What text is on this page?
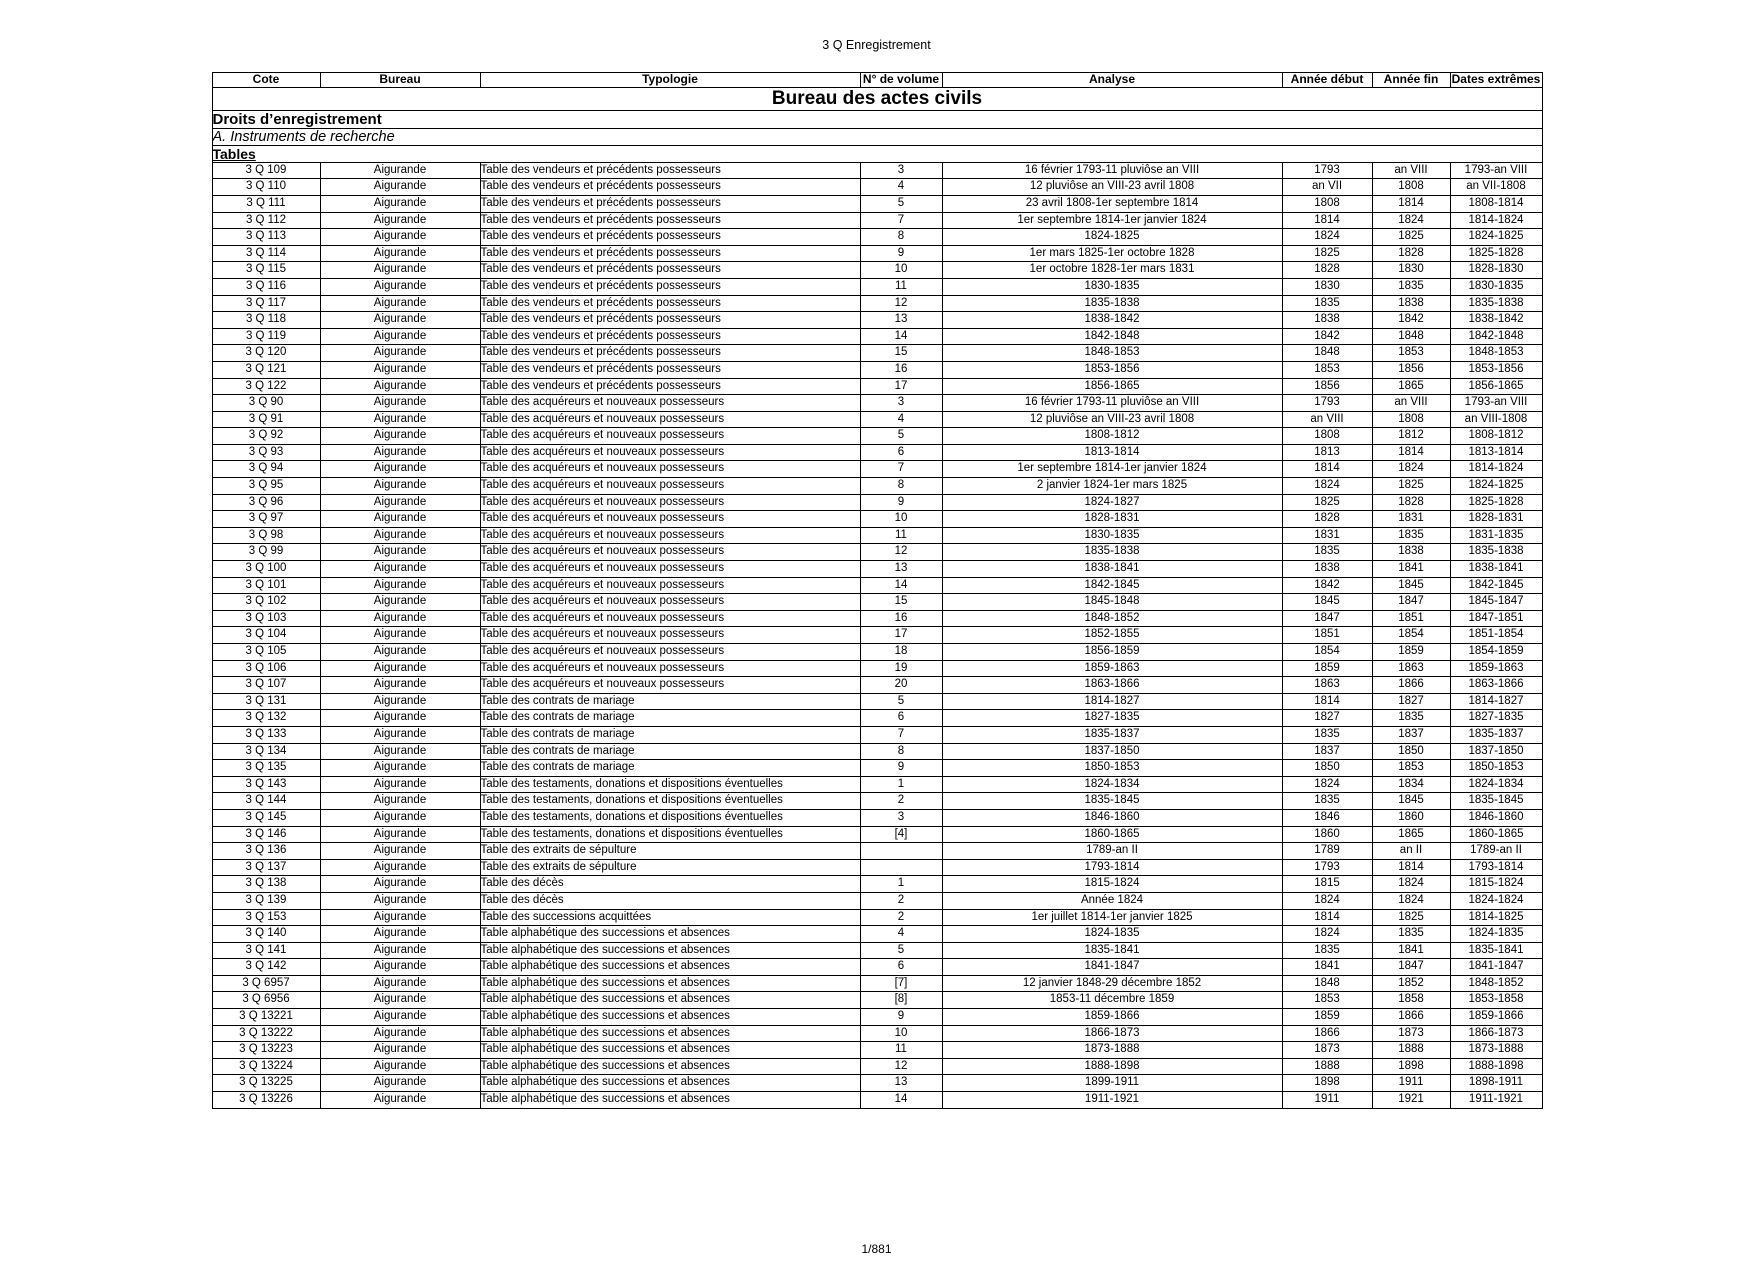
3 Q Enregistrement
Cote	Bureau	Typologie	N° de volume	Analyse	Année début	Année fin	Dates extrêmes
Bureau des actes civils							
Droits d’enregistrement							
A. Instruments de recherche							
Tables							
3 Q 109	Aigurande	Table des vendeurs et précédents possesseurs	3	16 février 1793-11 pluviôse an VIII	1793	an VIII	1793-an VIII
3 Q 110	Aigurande	Table des vendeurs et précédents possesseurs	4	12 pluviôse an VIII-23 avril 1808	an VII	1808	an VII-1808
3 Q 111	Aigurande	Table des vendeurs et précédents possesseurs	5	23 avril 1808-1er septembre 1814	1808	1814	1808-1814
3 Q 112	Aigurande	Table des vendeurs et précédents possesseurs	7	1er septembre 1814-1er janvier 1824	1814	1824	1814-1824
3 Q 113	Aigurande	Table des vendeurs et précédents possesseurs	8	1824-1825	1824	1825	1824-1825
3 Q 114	Aigurande	Table des vendeurs et précédents possesseurs	9	1er mars 1825-1er octobre 1828	1825	1828	1825-1828
3 Q 115	Aigurande	Table des vendeurs et précédents possesseurs	10	1er octobre 1828-1er mars 1831	1828	1830	1828-1830
3 Q 116	Aigurande	Table des vendeurs et précédents possesseurs	11	1830-1835	1830	1835	1830-1835
3 Q 117	Aigurande	Table des vendeurs et précédents possesseurs	12	1835-1838	1835	1838	1835-1838
3 Q 118	Aigurande	Table des vendeurs et précédents possesseurs	13	1838-1842	1838	1842	1838-1842
3 Q 119	Aigurande	Table des vendeurs et précédents possesseurs	14	1842-1848	1842	1848	1842-1848
3 Q 120	Aigurande	Table des vendeurs et précédents possesseurs	15	1848-1853	1848	1853	1848-1853
3 Q 121	Aigurande	Table des vendeurs et précédents possesseurs	16	1853-1856	1853	1856	1853-1856
3 Q 122	Aigurande	Table des vendeurs et précédents possesseurs	17	1856-1865	1856	1865	1856-1865
3 Q 90	Aigurande	Table des acquéreurs et nouveaux possesseurs	3	16 février 1793-11 pluviôse an VIII	1793	an VIII	1793-an VIII
3 Q 91	Aigurande	Table des acquéreurs et nouveaux possesseurs	4	12 pluviôse an VIII-23 avril 1808	an VIII	1808	an VIII-1808
3 Q 92	Aigurande	Table des acquéreurs et nouveaux possesseurs	5	1808-1812	1808	1812	1808-1812
3 Q 93	Aigurande	Table des acquéreurs et nouveaux possesseurs	6	1813-1814	1813	1814	1813-1814
3 Q 94	Aigurande	Table des acquéreurs et nouveaux possesseurs	7	1er septembre 1814-1er janvier 1824	1814	1824	1814-1824
3 Q 95	Aigurande	Table des acquéreurs et nouveaux possesseurs	8	2 janvier 1824-1er mars 1825	1824	1825	1824-1825
3 Q 96	Aigurande	Table des acquéreurs et nouveaux possesseurs	9	1824-1827	1825	1828	1825-1828
3 Q 97	Aigurande	Table des acquéreurs et nouveaux possesseurs	10	1828-1831	1828	1831	1828-1831
3 Q 98	Aigurande	Table des acquéreurs et nouveaux possesseurs	11	1830-1835	1831	1835	1831-1835
3 Q 99	Aigurande	Table des acquéreurs et nouveaux possesseurs	12	1835-1838	1835	1838	1835-1838
3 Q 100	Aigurande	Table des acquéreurs et nouveaux possesseurs	13	1838-1841	1838	1841	1838-1841
3 Q 101	Aigurande	Table des acquéreurs et nouveaux possesseurs	14	1842-1845	1842	1845	1842-1845
3 Q 102	Aigurande	Table des acquéreurs et nouveaux possesseurs	15	1845-1848	1845	1847	1845-1847
3 Q 103	Aigurande	Table des acquéreurs et nouveaux possesseurs	16	1848-1852	1847	1851	1847-1851
3 Q 104	Aigurande	Table des acquéreurs et nouveaux possesseurs	17	1852-1855	1851	1854	1851-1854
3 Q 105	Aigurande	Table des acquéreurs et nouveaux possesseurs	18	1856-1859	1854	1859	1854-1859
3 Q 106	Aigurande	Table des acquéreurs et nouveaux possesseurs	19	1859-1863	1859	1863	1859-1863
3 Q 107	Aigurande	Table des acquéreurs et nouveaux possesseurs	20	1863-1866	1863	1866	1863-1866
3 Q 131	Aigurande	Table des contrats de mariage	5	1814-1827	1814	1827	1814-1827
3 Q 132	Aigurande	Table des contrats de mariage	6	1827-1835	1827	1835	1827-1835
3 Q 133	Aigurande	Table des contrats de mariage	7	1835-1837	1835	1837	1835-1837
3 Q 134	Aigurande	Table des contrats de mariage	8	1837-1850	1837	1850	1837-1850
3 Q 135	Aigurande	Table des contrats de mariage	9	1850-1853	1850	1853	1850-1853
3 Q 143	Aigurande	Table des testaments, donations et dispositions éventuelles	1	1824-1834	1824	1834	1824-1834
3 Q 144	Aigurande	Table des testaments, donations et dispositions éventuelles	2	1835-1845	1835	1845	1835-1845
3 Q 145	Aigurande	Table des testaments, donations et dispositions éventuelles	3	1846-1860	1846	1860	1846-1860
3 Q 146	Aigurande	Table des testaments, donations et dispositions éventuelles	[4]	1860-1865	1860	1865	1860-1865
3 Q 136	Aigurande	Table des extraits de sépulture		1789-an II	1789	an II	1789-an II
3 Q 137	Aigurande	Table des extraits de sépulture		1793-1814	1793	1814	1793-1814
3 Q 138	Aigurande	Table des décès	1	1815-1824	1815	1824	1815-1824
3 Q 139	Aigurande	Table des décès	2	Année 1824	1824	1824	1824-1824
3 Q 153	Aigurande	Table des successions acquittées	2	1er juillet 1814-1er janvier 1825	1814	1825	1814-1825
3 Q 140	Aigurande	Table alphabétique des successions et absences	4	1824-1835	1824	1835	1824-1835
3 Q 141	Aigurande	Table alphabétique des successions et absences	5	1835-1841	1835	1841	1835-1841
3 Q 142	Aigurande	Table alphabétique des successions et absences	6	1841-1847	1841	1847	1841-1847
3 Q 6957	Aigurande	Table alphabétique des successions et absences	[7]	12 janvier 1848-29 décembre 1852	1848	1852	1848-1852
3 Q 6956	Aigurande	Table alphabétique des successions et absences	[8]	1853-11 décembre 1859	1853	1858	1853-1858
3 Q 13221	Aigurande	Table alphabétique des successions et absences	9	1859-1866	1859	1866	1859-1866
3 Q 13222	Aigurande	Table alphabétique des successions et absences	10	1866-1873	1866	1873	1866-1873
3 Q 13223	Aigurande	Table alphabétique des successions et absences	11	1873-1888	1873	1888	1873-1888
3 Q 13224	Aigurande	Table alphabétique des successions et absences	12	1888-1898	1888	1898	1888-1898
3 Q 13225	Aigurande	Table alphabétique des successions et absences	13	1899-1911	1898	1911	1898-1911
3 Q 13226	Aigurande	Table alphabétique des successions et absences	14	1911-1921	1911	1921	1911-1921
1/881
